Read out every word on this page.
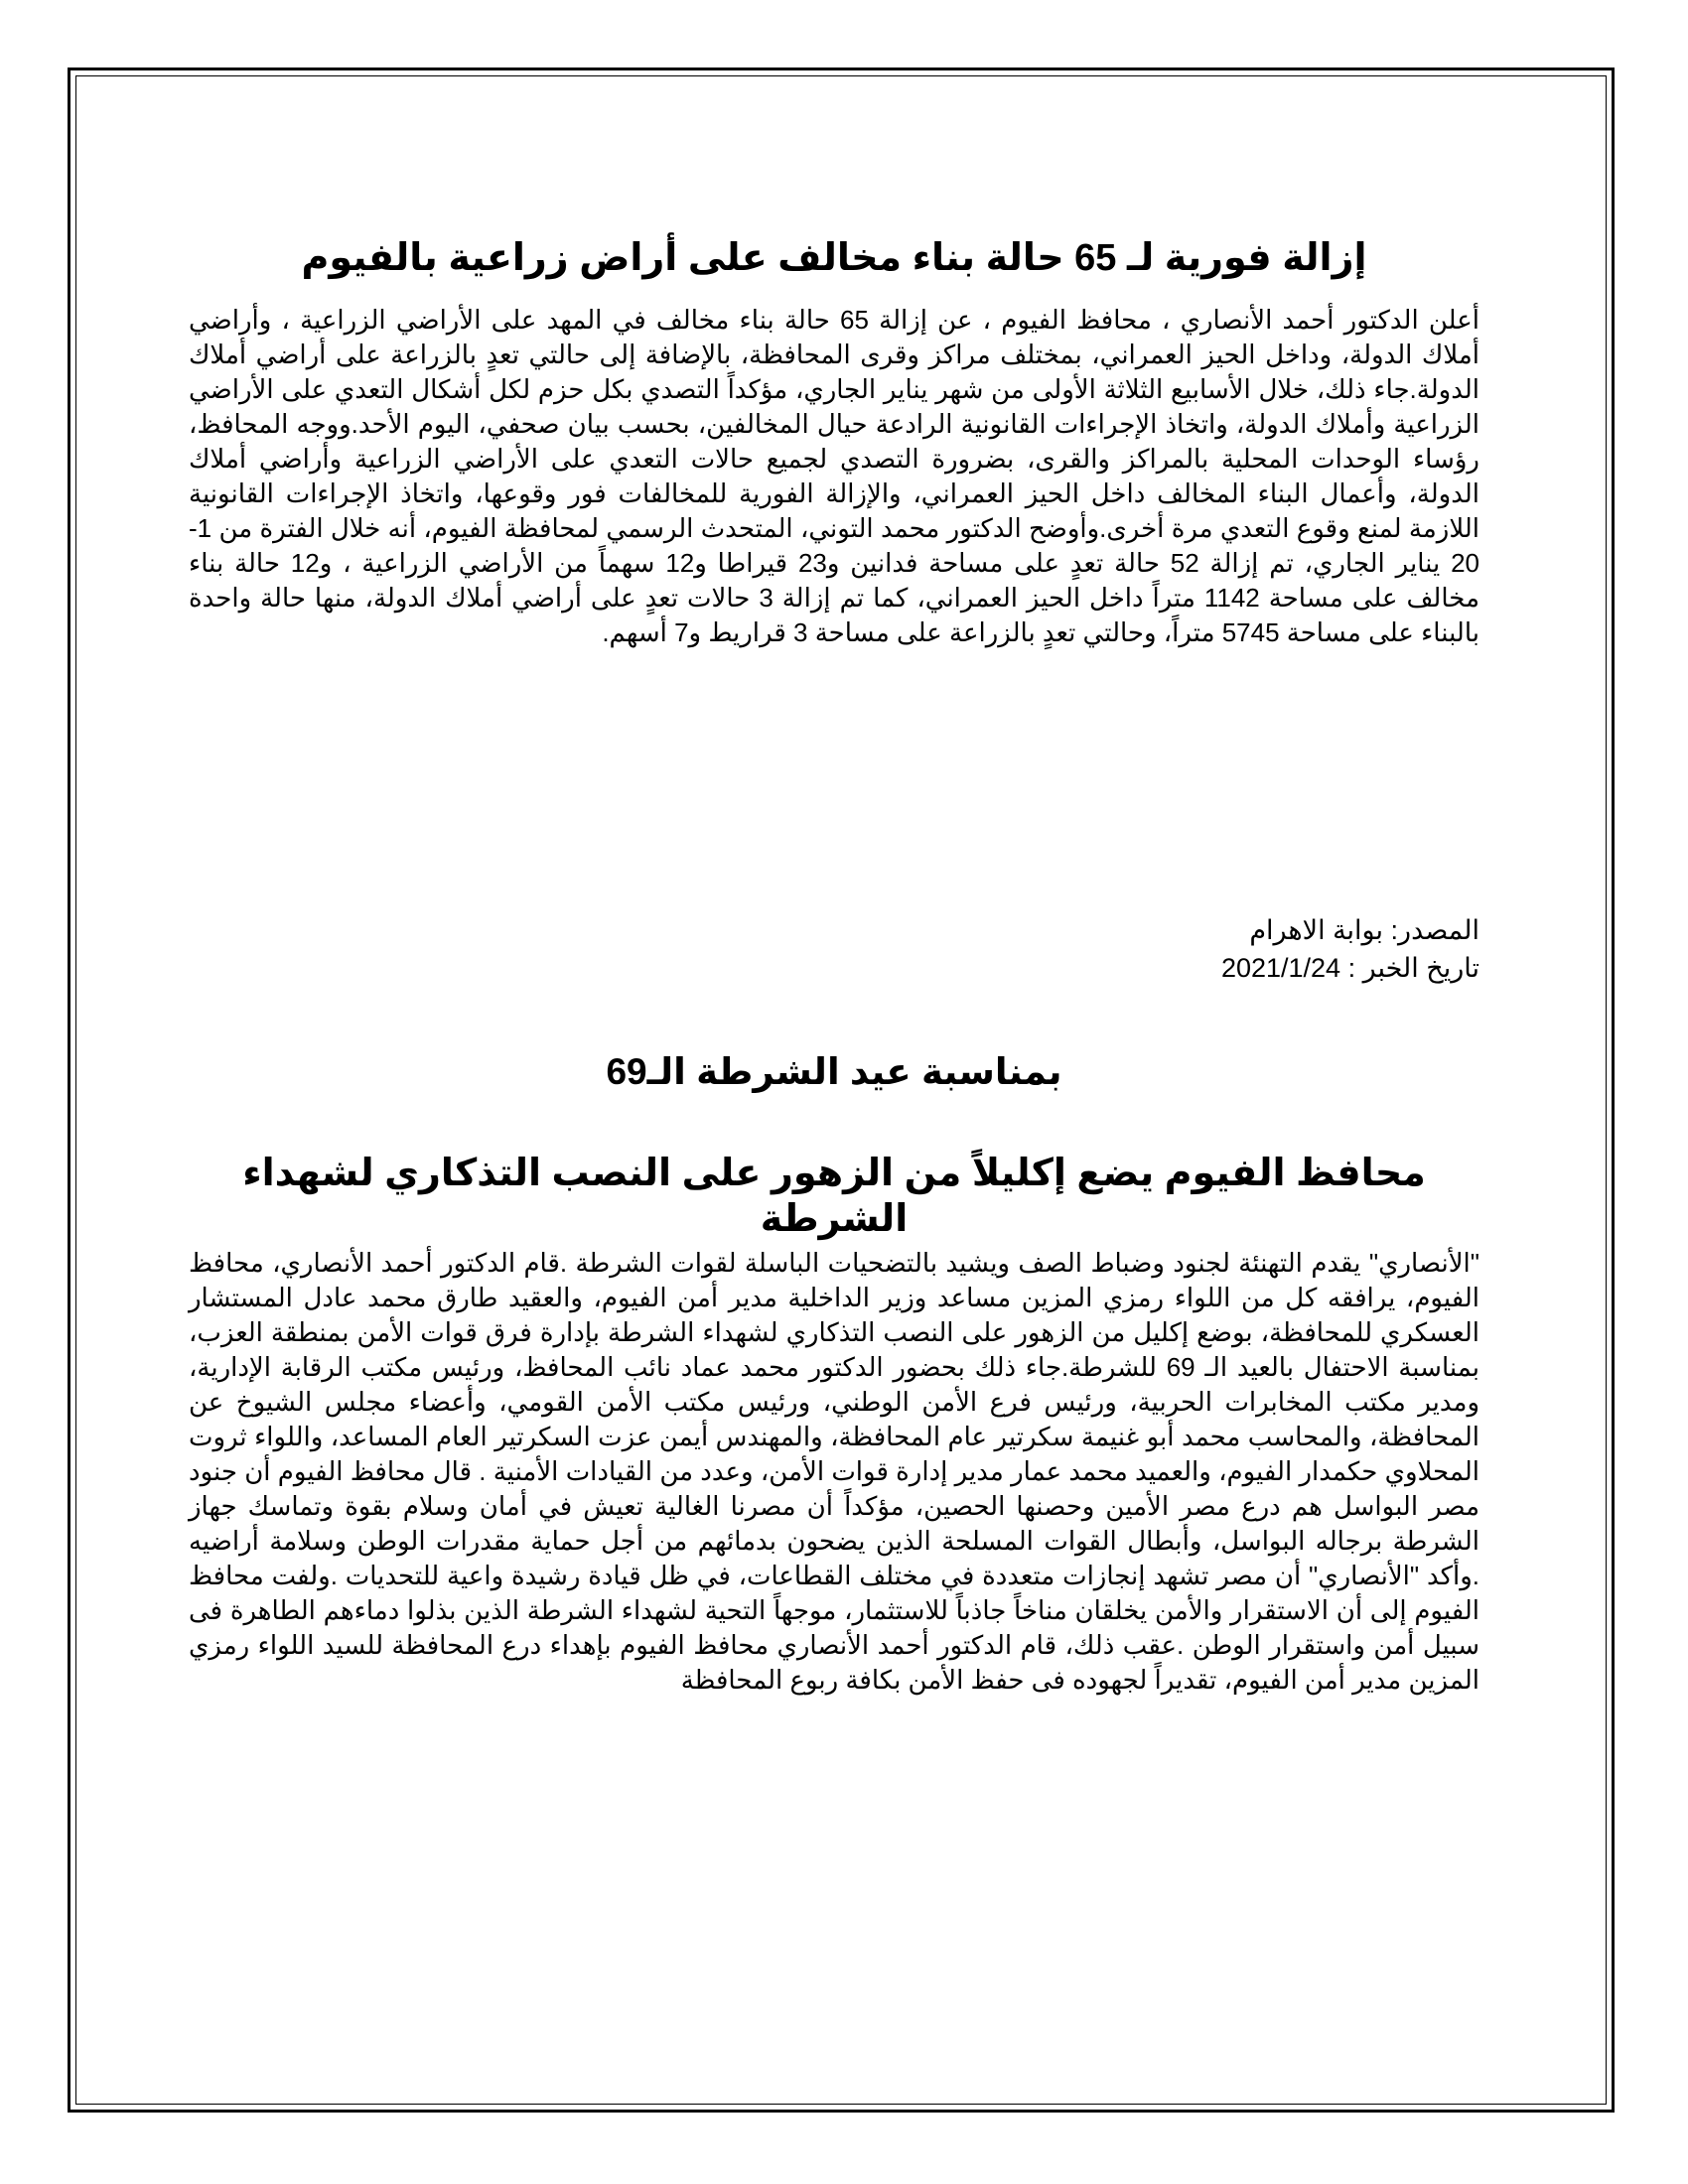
إزالة فورية لـ 65 حالة بناء مخالف على أراض زراعية بالفيوم

أعلن الدكتور أحمد الأنصاري ، محافظ الفيوم ، عن إزالة 65 حالة بناء مخالف في المهد على الأراضي الزراعية ، وأراضي أملاك الدولة، وداخل الحيز العمراني، بمختلف مراكز وقرى المحافظة، بالإضافة إلى حالتي تعدٍ بالزراعة على أراضي أملاك الدولة.جاء ذلك، خلال الأسابيع الثلاثة الأولى من شهر يناير الجاري، مؤكداً التصدي بكل حزم لكل أشكال التعدي على الأراضي الزراعية وأملاك الدولة، واتخاذ الإجراءات القانونية الرادعة حيال المخالفين، بحسب بيان صحفي، اليوم الأحد.ووجه المحافظ، رؤساء الوحدات المحلية بالمراكز والقرى، بضرورة التصدي لجميع حالات التعدي على الأراضي الزراعية وأراضي أملاك الدولة، وأعمال البناء المخالف داخل الحيز العمراني، والإزالة الفورية للمخالفات فور وقوعها، واتخاذ الإجراءات القانونية اللازمة لمنع وقوع التعدي مرة أخرى.وأوضح الدكتور محمد التوني، المتحدث الرسمي لمحافظة الفيوم، أنه خلال الفترة من 1-20 يناير الجاري، تم إزالة 52 حالة تعدٍ على مساحة فدانين و23 قيراطا و12 سهماً من الأراضي الزراعية ، و12 حالة بناء مخالف على مساحة 1142 متراً داخل الحيز العمراني، كما تم إزالة 3 حالات تعدٍ على أراضي أملاك الدولة، منها حالة واحدة بالبناء على مساحة 5745 متراً، وحالتي تعدٍ بالزراعة على مساحة 3 قراريط و7 أسهم.

المصدر: بوابة الاهرام

تاريخ الخبر : 2021/1/24

بمناسبة عيد الشرطة الـ69
محافظ الفيوم يضع إكليلاً من الزهور على النصب التذكاري لشهداء الشرطة

"الأنصاري" يقدم التهنئة لجنود وضباط الصف ويشيد بالتضحيات الباسلة لقوات الشرطة .قام الدكتور أحمد الأنصاري، محافظ الفيوم، يرافقه كل من اللواء رمزي المزين مساعد وزير الداخلية مدير أمن الفيوم، والعقيد طارق محمد عادل المستشار العسكري للمحافظة، بوضع إكليل من الزهور على النصب التذكاري لشهداء الشرطة بإدارة فرق قوات الأمن بمنطقة العزب، بمناسبة الاحتفال بالعيد الـ 69 للشرطة.جاء ذلك بحضور الدكتور محمد عماد نائب المحافظ، ورئيس مكتب الرقابة الإدارية، ومدير مكتب المخابرات الحربية، ورئيس فرع الأمن الوطني، ورئيس مكتب الأمن القومي، وأعضاء مجلس الشيوخ عن المحافظة، والمحاسب محمد أبو غنيمة سكرتير عام المحافظة، والمهندس أيمن عزت السكرتير العام المساعد، واللواء ثروت المحلاوي حكمدار الفيوم، والعميد محمد عمار مدير إدارة قوات الأمن، وعدد من القيادات الأمنية . قال محافظ الفيوم أن جنود مصر البواسل هم درع مصر الأمين وحصنها الحصين، مؤكداً أن مصرنا الغالية تعيش في أمان وسلام بقوة وتماسك جهاز الشرطة برجاله البواسل، وأبطال القوات المسلحة الذين يضحون بدمائهم من أجل حماية مقدرات الوطن وسلامة أراضيه .وأكد "الأنصاري" أن مصر تشهد إنجازات متعددة في مختلف القطاعات، في ظل قيادة رشيدة واعية للتحديات .ولفت محافظ الفيوم إلى أن الاستقرار والأمن يخلقان مناخاً جاذباً للاستثمار، موجهاً التحية لشهداء الشرطة الذين بذلوا دماءهم الطاهرة فى سبيل أمن واستقرار الوطن .عقب ذلك، قام الدكتور أحمد الأنصاري محافظ الفيوم بإهداء درع المحافظة للسيد اللواء رمزي المزين مدير أمن الفيوم، تقديراً لجهوده فى حفظ الأمن بكافة ربوع المحافظة
